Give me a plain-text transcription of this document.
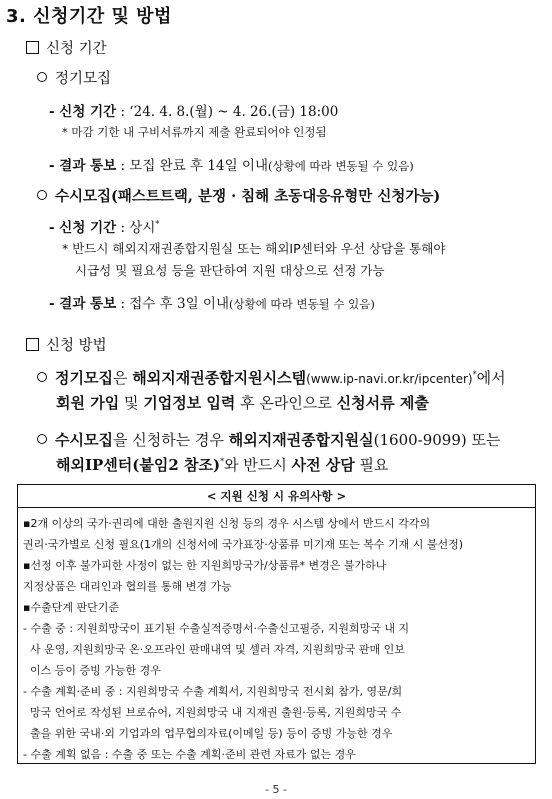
3. 신청기간 및 방법
신청 기간
정기모집
- 신청 기간 : ‘24. 4. 8.(월) ~ 4. 26.(금) 18:00
* 마감 기한 내 구비서류까지 제출 완료되어야 인정됨
- 결과 통보 : 모집 완료 후 14일 이내(상황에 따라 변동될 수 있음)
수시모집(패스트트랙, 분쟁 · 침해 초동대응유형만 신청가능)
- 신청 기간 : 상시*
* 반드시 해외지재권종합지원실 또는 해외IP센터와 우선 상담을 통해야
시급성 및 필요성 등을 판단하여 지원 대상으로 선정 가능
- 결과 통보 : 접수 후 3일 이내(상황에 따라 변동될 수 있음)
신청 방법
정기모집은 해외지재권종합지원시스템(www.ip-navi.or.kr/ipcenter)*에서
회원 가입 및 기업정보 입력 후 온라인으로 신청서류 제출
수시모집을 신청하는 경우 해외지재권종합지원실(1600-9099) 또는
해외IP센터(붙임2 참조)*와 반드시 사전 상담 필요
< 지원 신청 시 유의사항 >
▪2개 이상의 국가·권리에 대한 출원지원 신청 등의 경우 시스템 상에서 반드시 각각의
권리·국가별로 신청 필요(1개의 신청서에 국가표장·상품류 미기재 또는 복수 기재 시 불선정)
▪선정 이후 불가피한 사정이 없는 한 지원희망국가/상품류* 변경은 불가하나
지정상품은 대리인과 협의를 통해 변경 가능
▪수출단계 판단기준
- 수출 중 : 지원희망국이 표기된 수출실적증명서·수출신고필증, 지원희망국 내 지
사 운영, 지원희망국 온·오프라인 판매내역 및 셀러 자격, 지원희망국 판매 인보
이스 등이 증빙 가능한 경우
- 수출 계획·준비 중 : 지원희망국 수출 계획서, 지원희망국 전시회 참가, 영문/희
망국 언어로 작성된 브로슈어, 지원희망국 내 지재권 출원·등록, 지원희망국 수
출을 위한 국내·외 기업과의 업무협의자료(이메일 등) 등이 증빙 가능한 경우
- 수출 계획 없음 : 수출 중 또는 수출 계획·준비 관련 자료가 없는 경우
- 5 -
